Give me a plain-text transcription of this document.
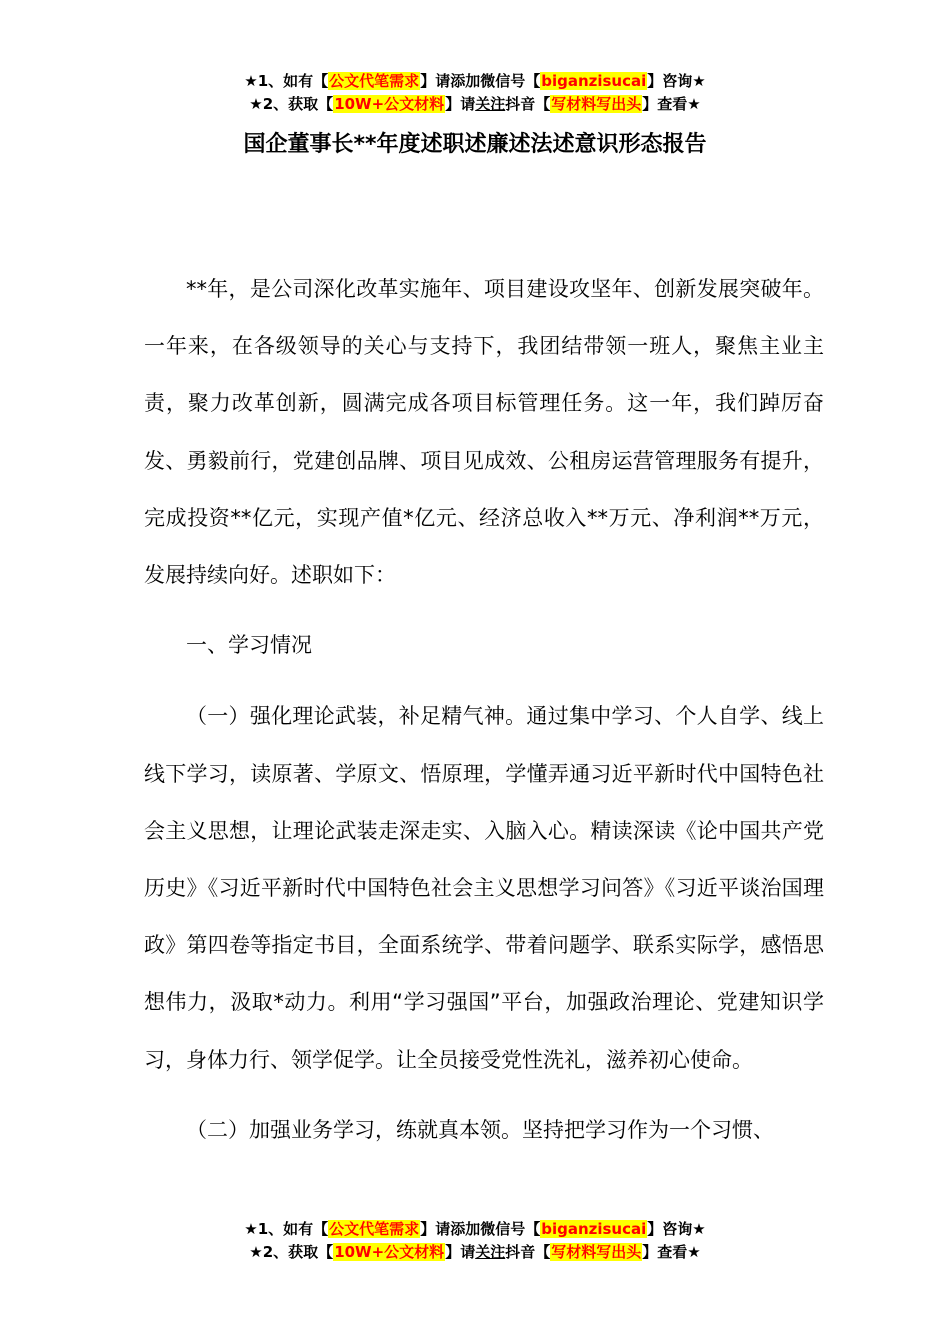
★1、如有【公文代笔需求】请添加微信号【biganzisucai】咨询★
★2、获取【10W+公文材料】请关注抖音【写材料写出头】查看★
国企董事长**年度述职述廉述法述意识形态报告

**年，是公司深化改革实施年、项目建设攻坚年、创新发展突破年。一年来，在各级领导的关心与支持下，我团结带领一班人，聚焦主业主责，聚力改革创新，圆满完成各项目标管理任务。这一年，我们踔厉奋发、勇毅前行，党建创品牌、项目见成效、公租房运营管理服务有提升，完成投资**亿元，实现产值*亿元、经济总收入**万元、净利润**万元，发展持续向好。述职如下：

一、学习情况

（一）强化理论武装，补足精气神。通过集中学习、个人自学、线上线下学习，读原著、学原文、悟原理，学懂弄通习近平新时代中国特色社会主义思想，让理论武装走深走实、入脑入心。精读深读《论中国共产党历史》《习近平新时代中国特色社会主义思想学习问答》《习近平谈治国理政》第四卷等指定书目，全面系统学、带着问题学、联系实际学，感悟思想伟力，汲取*动力。利用“学习强国”平台，加强政治理论、党建知识学习，身体力行、领学促学。让全员接受党性洗礼，滋养初心使命。

（二）加强业务学习，练就真本领。坚持把学习作为一个习惯、

★1、如有【公文代笔需求】请添加微信号【biganzisucai】咨询★
★2、获取【10W+公文材料】请关注抖音【写材料写出头】查看★
